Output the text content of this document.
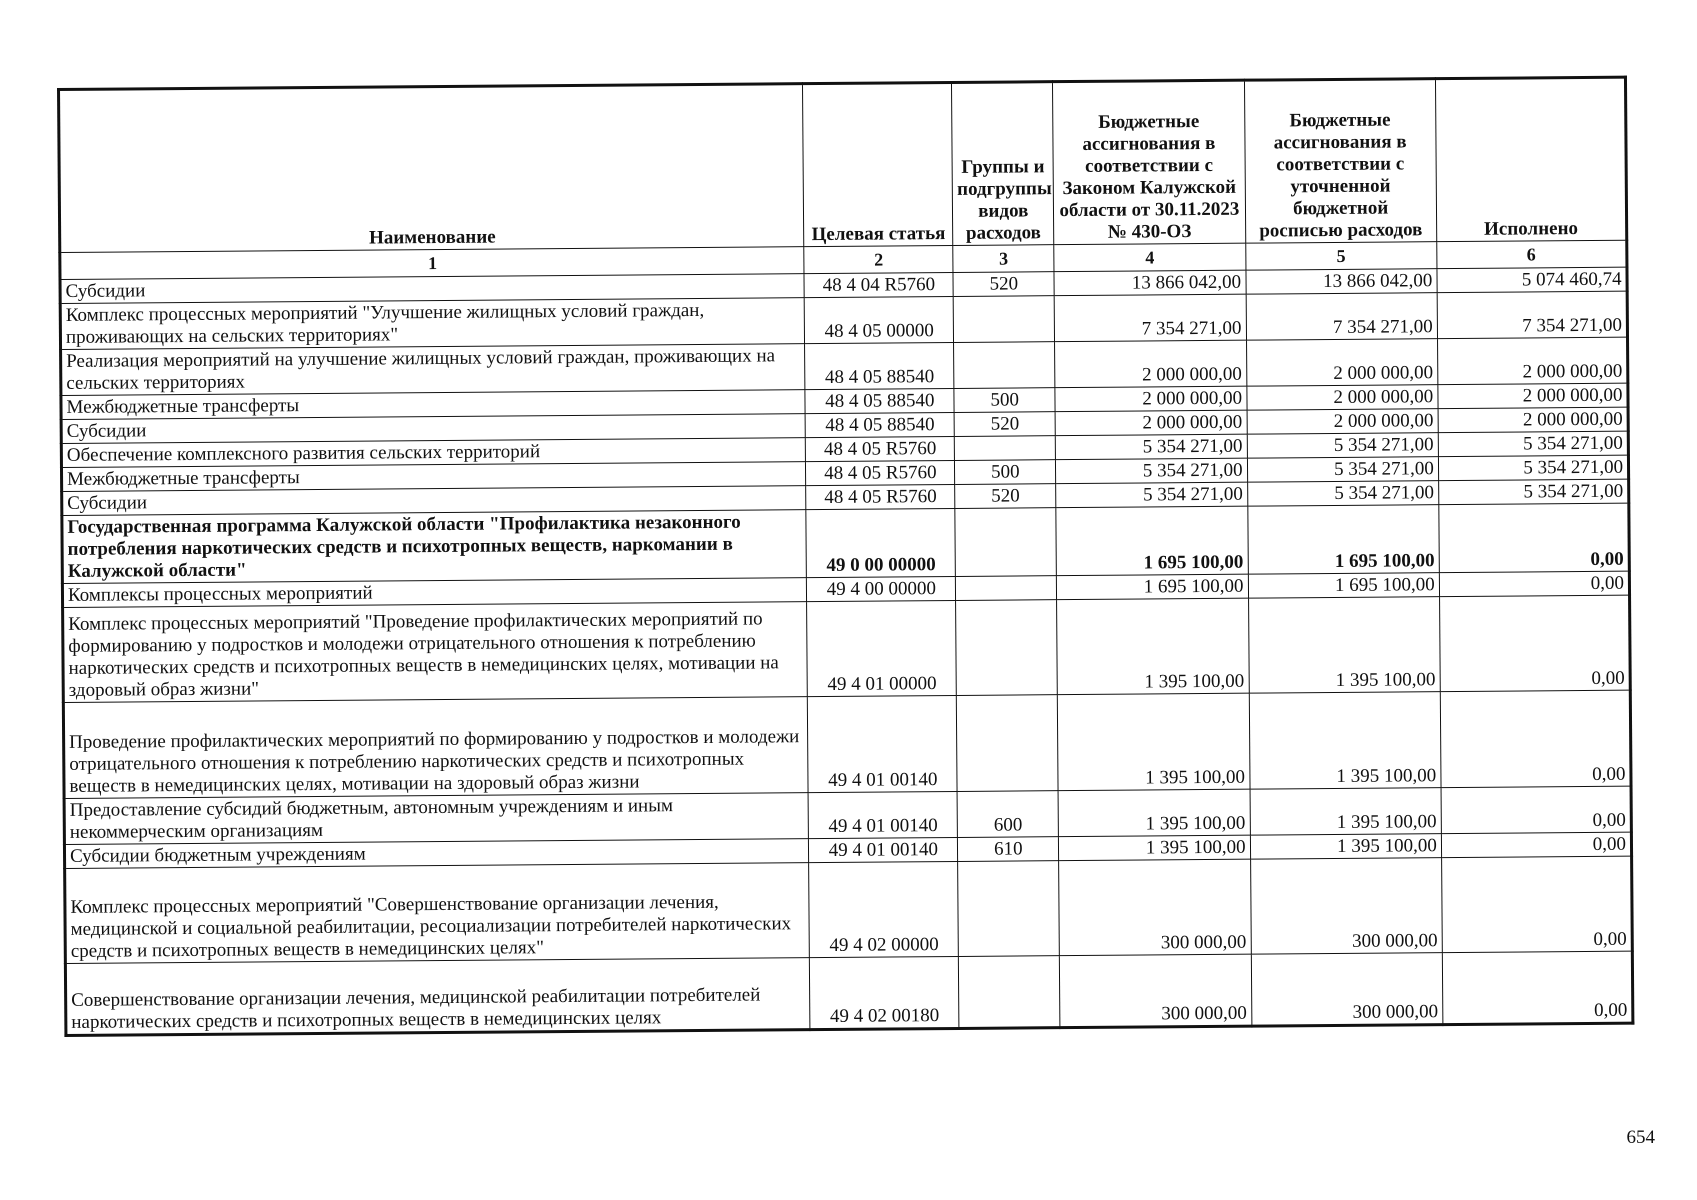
Наименование	Целевая статья	Группы и подгруппы видов расходов	Бюджетные ассигнования в соответствии с Законом Калужской области от 30.11.2023 № 430-ОЗ	Бюджетные ассигнования в соответствии с уточненной бюджетной росписью расходов	Исполнено
1	2	3	4	5	6
Субсидии	48 4 04 R5760	520	13 866 042,00	13 866 042,00	5 074 460,74
Комплекс процессных мероприятий "Улучшение жилищных условий граждан, проживающих на сельских территориях"	48 4 05 00000		7 354 271,00	7 354 271,00	7 354 271,00
Реализация мероприятий на улучшение жилищных условий граждан, проживающих на сельских территориях	48 4 05 88540		2 000 000,00	2 000 000,00	2 000 000,00
Межбюджетные трансферты	48 4 05 88540	500	2 000 000,00	2 000 000,00	2 000 000,00
Субсидии	48 4 05 88540	520	2 000 000,00	2 000 000,00	2 000 000,00
Обеспечение комплексного развития сельских территорий	48 4 05 R5760		5 354 271,00	5 354 271,00	5 354 271,00
Межбюджетные трансферты	48 4 05 R5760	500	5 354 271,00	5 354 271,00	5 354 271,00
Субсидии	48 4 05 R5760	520	5 354 271,00	5 354 271,00	5 354 271,00
Государственная программа Калужской области "Профилактика незаконного потребления наркотических средств и психотропных веществ, наркомании в Калужской области"	49 0 00 00000		1 695 100,00	1 695 100,00	0,00
Комплексы процессных мероприятий	49 4 00 00000		1 695 100,00	1 695 100,00	0,00
Комплекс процессных мероприятий "Проведение профилактических мероприятий по формированию у подростков и молодежи отрицательного отношения к потреблению наркотических средств и психотропных веществ в немедицинских целях, мотивации на здоровый образ жизни"	49 4 01 00000		1 395 100,00	1 395 100,00	0,00
Проведение профилактических мероприятий по формированию у подростков и молодежи отрицательного отношения к потреблению наркотических средств и психотропных веществ в немедицинских целях, мотивации на здоровый образ жизни	49 4 01 00140		1 395 100,00	1 395 100,00	0,00
Предоставление субсидий бюджетным, автономным учреждениям и иным некоммерческим организациям	49 4 01 00140	600	1 395 100,00	1 395 100,00	0,00
Субсидии бюджетным учреждениям	49 4 01 00140	610	1 395 100,00	1 395 100,00	0,00
Комплекс процессных мероприятий "Совершенствование организации лечения, медицинской и социальной реабилитации, ресоциализации потребителей наркотических средств и психотропных веществ в немедицинских целях"	49 4 02 00000		300 000,00	300 000,00	0,00
Совершенствование организации лечения, медицинской реабилитации потребителей наркотических средств и психотропных веществ в немедицинских целях	49 4 02 00180		300 000,00	300 000,00	0,00
654
